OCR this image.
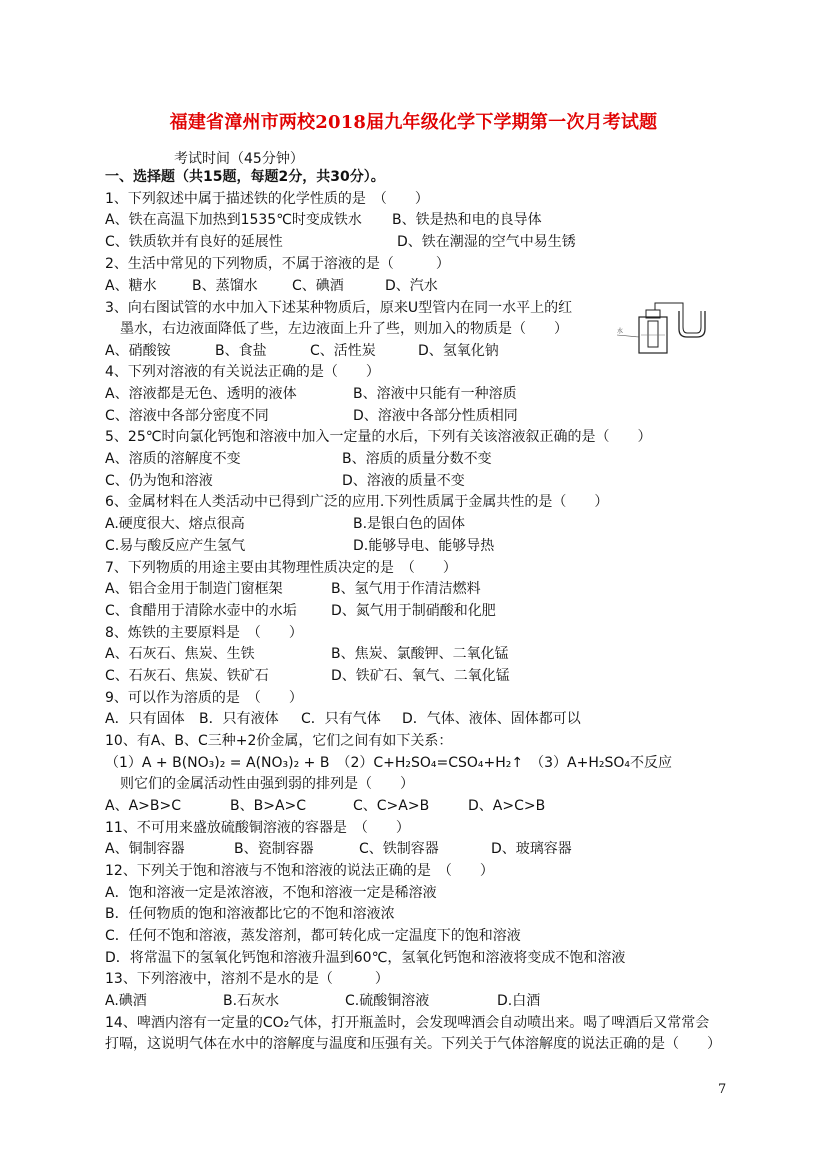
福建省漳州市两校2018届九年级化学下学期第一次月考试题
考试时间（45分钟）
一、选择题（共15题，每题2分，共30分）。
1、下列叙述中属于描述铁的化学性质的是　（　　）
A、铁在高温下加热到1535℃时变成铁水 B、铁是热和电的良导体
C、铁质软并有良好的延展性	D、铁在潮湿的空气中易生锈
2、生活中常见的下列物质，不属于溶液的是（　　　）
A、糖水	B、蒸馏水 C、碘酒	D、汽水
3、向右图试管的水中加入下述某种物质后，原来U型管内在同一水平上的红
墨水，右边液面降低了些，左边液面上升了些，则加入的物质是（　　）
A、硝酸铵	B、食盐	C、活性炭	D、氢氧化钠
水
4、下列对溶液的有关说法正确的是（　　）
A、溶液都是无色、透明的液体	B、溶液中只能有一种溶质
C、溶液中各部分密度不同	D、溶液中各部分性质相同
5、25℃时向氯化钙饱和溶液中加入一定量的水后，下列有关该溶液叙正确的是（　　）
A、溶质的溶解度不变	B、溶质的质量分数不变
C、仍为饱和溶液	D、溶液的质量不变
6、金属材料在人类活动中已得到广泛的应用.下列性质属于金属共性的是（　　）
A.硬度很大、熔点很高	B.是银白色的固体
C.易与酸反应产生氢气	D.能够导电、能够导热
7、下列物质的用途主要由其物理性质决定的是　（　　）
A、铝合金用于制造门窗框架	B、氢气用于作清洁燃料
C、食醋用于清除水壶中的水垢 D、氮气用于制硝酸和化肥
8、炼铁的主要原料是　（　　）
A、石灰石、焦炭、生铁	B、焦炭、氯酸钾、二氧化锰
C、石灰石、焦炭、铁矿石	D、铁矿石、氧气、二氧化锰
9、可以作为溶质的是　（　　）
A．只有固体 B．只有液体 C．只有气体 D．气体、液体、固体都可以
10、有A、B、C三种+2价金属，它们之间有如下关系：
（1）A + B(NO₃)₂ = A(NO₃)₂ + B　（2）C+H₂SO₄=CSO₄+H₂↑　（3）A+H₂SO₄不反应
则它们的金属活动性由强到弱的排列是（　　）
A、A>B>C	B、B>A>C	C、C>A>B	D、A>C>B
11、不可用来盛放硫酸铜溶液的容器是　（　　）
A、铜制容器	B、瓷制容器	C、铁制容器	D、玻璃容器
12、下列关于饱和溶液与不饱和溶液的说法正确的是　（　　）
A．饱和溶液一定是浓溶液，不饱和溶液一定是稀溶液
B．任何物质的饱和溶液都比它的不饱和溶液浓
C．任何不饱和溶液，蒸发溶剂，都可转化成一定温度下的饱和溶液
D．将常温下的氢氧化钙饱和溶液升温到60℃，氢氧化钙饱和溶液将变成不饱和溶液
13、下列溶液中，溶剂不是水的是（　　　）
A.碘酒	B.石灰水	C.硫酸铜溶液	D.白酒
14、啤酒内溶有一定量的CO₂气体，打开瓶盖时，会发现啤酒会自动喷出来。喝了啤酒后又常常会
打嗝，这说明气体在水中的溶解度与温度和压强有关。下列关于气体溶解度的说法正确的是（　　）
7
